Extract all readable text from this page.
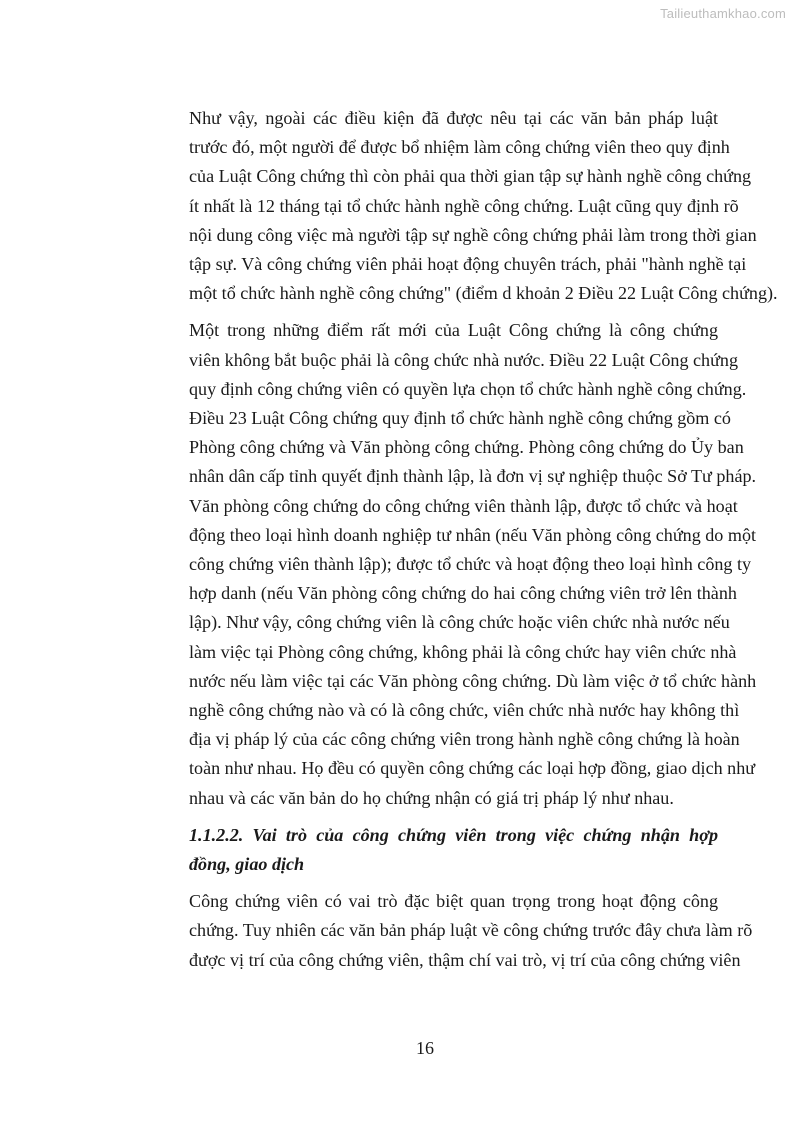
Tailieuthamkhao.com
Như vậy, ngoài các điều kiện đã được nêu tại các văn bản pháp luật
trước đó, một người để được bổ nhiệm làm công chứng viên theo quy định
của Luật Công chứng thì còn phải qua thời gian tập sự hành nghề công chứng
ít nhất là 12 tháng tại tổ chức hành nghề công chứng. Luật cũng quy định rõ
nội dung công việc mà người tập sự nghề công chứng phải làm trong thời gian
tập sự. Và công chứng viên phải hoạt động chuyên trách, phải "hành nghề tại
một tổ chức hành nghề công chứng" (điểm d khoản 2 Điều 22 Luật Công chứng).
Một trong những điểm rất mới của Luật Công chứng là công chứng
viên không bắt buộc phải là công chức nhà nước. Điều 22 Luật Công chứng
quy định công chứng viên có quyền lựa chọn tổ chức hành nghề công chứng.
Điều 23 Luật Công chứng quy định tổ chức hành nghề công chứng gồm có
Phòng công chứng và Văn phòng công chứng. Phòng công chứng do Ủy ban
nhân dân cấp tỉnh quyết định thành lập, là đơn vị sự nghiệp thuộc Sở Tư pháp.
Văn phòng công chứng do công chứng viên thành lập, được tổ chức và hoạt
động theo loại hình doanh nghiệp tư nhân (nếu Văn phòng công chứng do một
công chứng viên thành lập); được tổ chức và hoạt động theo loại hình công ty
hợp danh (nếu Văn phòng công chứng do hai công chứng viên trở lên thành
lập). Như vậy, công chứng viên là công chức hoặc viên chức nhà nước nếu
làm việc tại Phòng công chứng, không phải là công chức hay viên chức nhà
nước nếu làm việc tại các Văn phòng công chứng. Dù làm việc ở tổ chức hành
nghề công chứng nào và có là công chức, viên chức nhà nước hay không thì
địa vị pháp lý của các công chứng viên trong hành nghề công chứng là hoàn
toàn như nhau. Họ đều có quyền công chứng các loại hợp đồng, giao dịch như
nhau và các văn bản do họ chứng nhận có giá trị pháp lý như nhau.
1.1.2.2. Vai trò của công chứng viên trong việc chứng nhận hợp
đồng, giao dịch
Công chứng viên có vai trò đặc biệt quan trọng trong hoạt động công
chứng. Tuy nhiên các văn bản pháp luật về công chứng trước đây chưa làm rõ
được vị trí của công chứng viên, thậm chí vai trò, vị trí của công chứng viên
16
